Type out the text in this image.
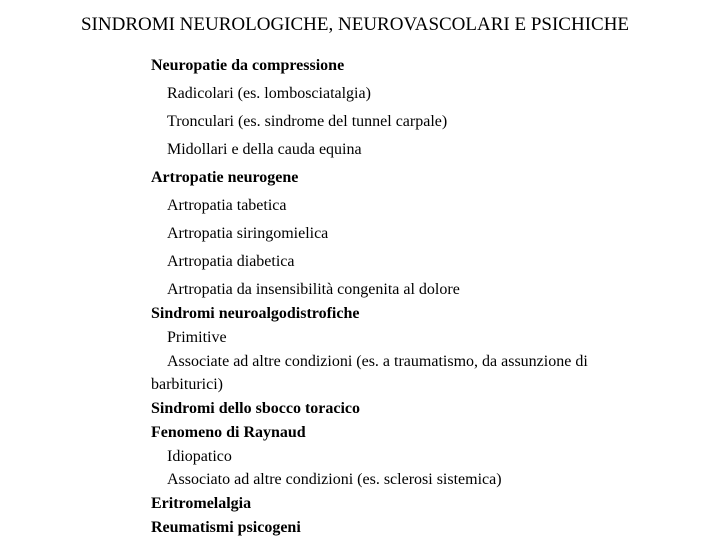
SINDROMI NEUROLOGICHE, NEUROVASCOLARI E PSICHICHE
Neuropatie da compressione
Radicolari (es. lombosciatalgia)
Tronculari (es. sindrome del tunnel carpale)
Midollari e della cauda equina
Artropatie neurogene
Artropatia tabetica
Artropatia siringomielica
Artropatia diabetica
Artropatia da insensibilità congenita al dolore
Sindromi neuroalgodistrofiche
Primitive
Associate ad altre condizioni (es. a traumatismo, da assunzione di
barbiturici)
Sindromi dello sbocco toracico
Fenomeno di Raynaud
Idiopatico
Associato ad altre condizioni (es. sclerosi sistemica)
Eritromelalgia
Reumatismi psicogeni
